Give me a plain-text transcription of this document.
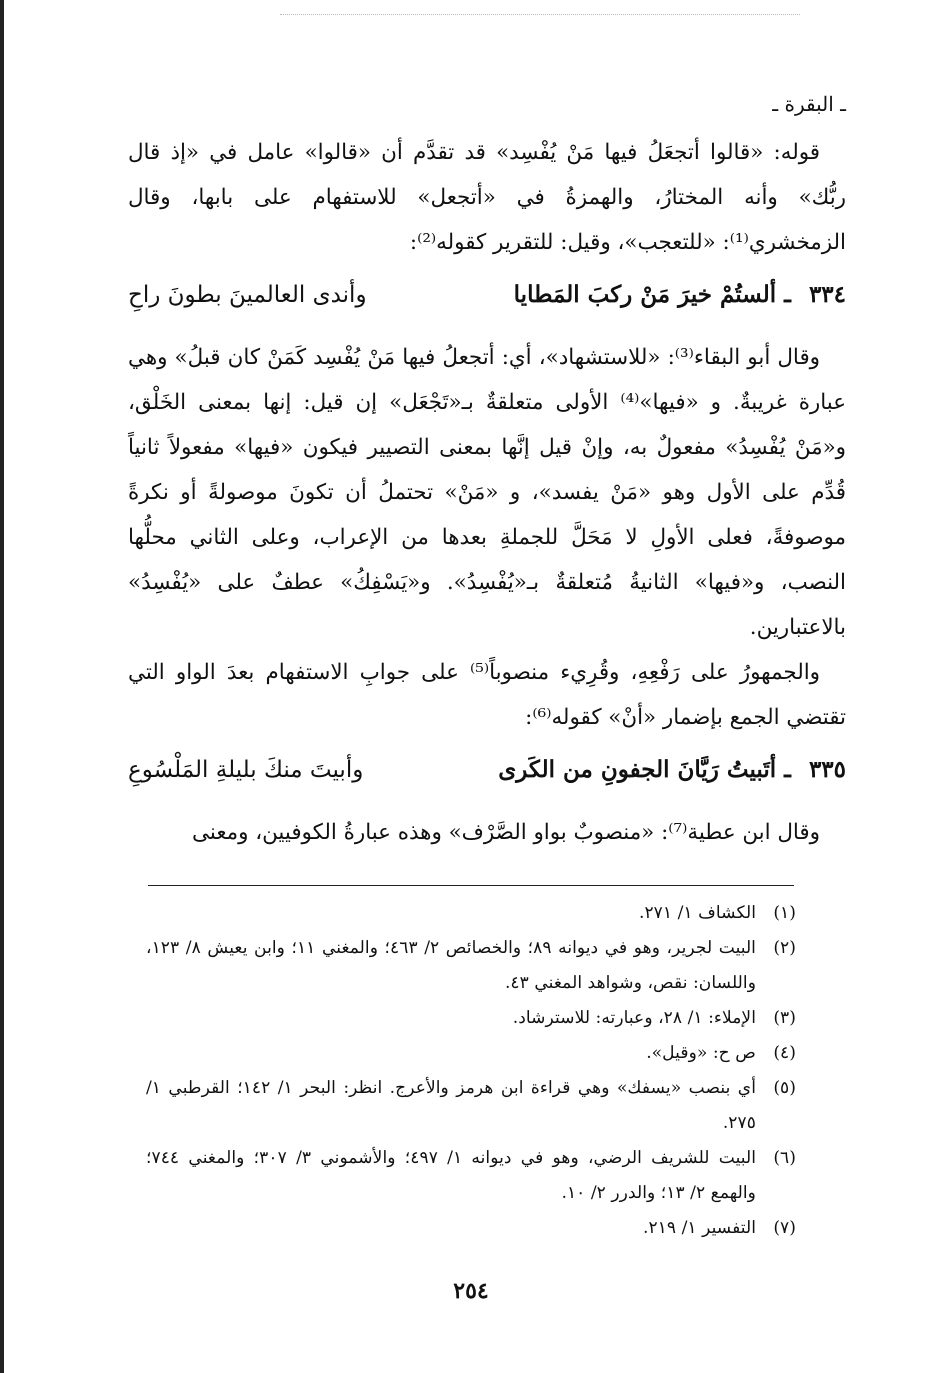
ـ البقرة ـ

قوله: «قالوا أتجعَلُ فيها مَنْ يُفْسِد» قد تقدَّم أن «قالوا» عامل في «إذ قال ربُّك» وأنه المختارُ، والهمزةُ في «أتجعل» للاستفهام على بابها، وقال الزمخشري⁽¹⁾: «للتعجب»، وقيل: للتقرير كقوله⁽²⁾:

٣٣٤ ـ ألستُمْ خيرَ مَنْ ركبَ المَطايا
وأندى العالمينَ بطونَ راحِ

وقال أبو البقاء⁽³⁾: «للاستشهاد»، أي: أتجعلُ فيها مَنْ يُفْسِد كَمَنْ كان قبلُ» وهي عبارة غريبةٌ. و «فيها»⁽⁴⁾ الأولى متعلقةٌ بـ«تَجْعَل» إن قيل: إنها بمعنى الخَلْق، و«مَنْ يُفْسِدُ» مفعولٌ به، وإنْ قيل إنَّها بمعنى التصيير فيكون «فيها» مفعولاً ثانياً قُدِّم على الأول وهو «مَنْ يفسد»، و «مَنْ» تحتملُ أن تكونَ موصولةً أو نكرةً موصوفةً، فعلى الأولِ لا مَحَلَّ للجملةِ بعدها من الإعراب، وعلى الثاني محلُّها النصب، و«فيها» الثانيةُ مُتعلقةٌ بـ«يُفْسِدُ». و«يَسْفِكُ» عطفٌ على «يُفْسِدُ» بالاعتبارين.

والجمهورُ على رَفْعِهِ، وقُرِيء منصوباً⁽⁵⁾ على جوابِ الاستفهام بعدَ الواو التي تقتضي الجمع بإضمار «أنْ» كقوله⁽⁶⁾:

٣٣٥ ـ أتَبيتُ رَيَّانَ الجفونِ من الكَرى
وأبيتَ منكَ بليلةِ المَلْسُوعِ

وقال ابن عطية⁽⁷⁾: «منصوبٌ بواو الصَّرْف» وهذه عبارةُ الكوفيين، ومعنى

(١)
الكشاف ١/ ٢٧١.
(٢)
البيت لجرير، وهو في ديوانه ٨٩؛ والخصائص ٢/ ٤٦٣؛ والمغني ١١؛ وابن يعيش ٨/ ١٢٣، واللسان: نقص، وشواهد المغني ٤٣.
(٣)
الإملاء: ١/ ٢٨، وعبارته: للاسترشاد.
(٤)
ص ح: «وقيل».
(٥)
أي بنصب «يسفك» وهي قراءة ابن هرمز والأعرج. انظر: البحر ١/ ١٤٢؛ القرطبي ١/ ٢٧٥.
(٦)
البيت للشريف الرضي، وهو في ديوانه ١/ ٤٩٧؛ والأشموني ٣/ ٣٠٧؛ والمغني ٧٤٤؛ والهمع ٢/ ١٣؛ والدرر ٢/ ١٠.
(٧)
التفسير ١/ ٢١٩.
٢٥٤
